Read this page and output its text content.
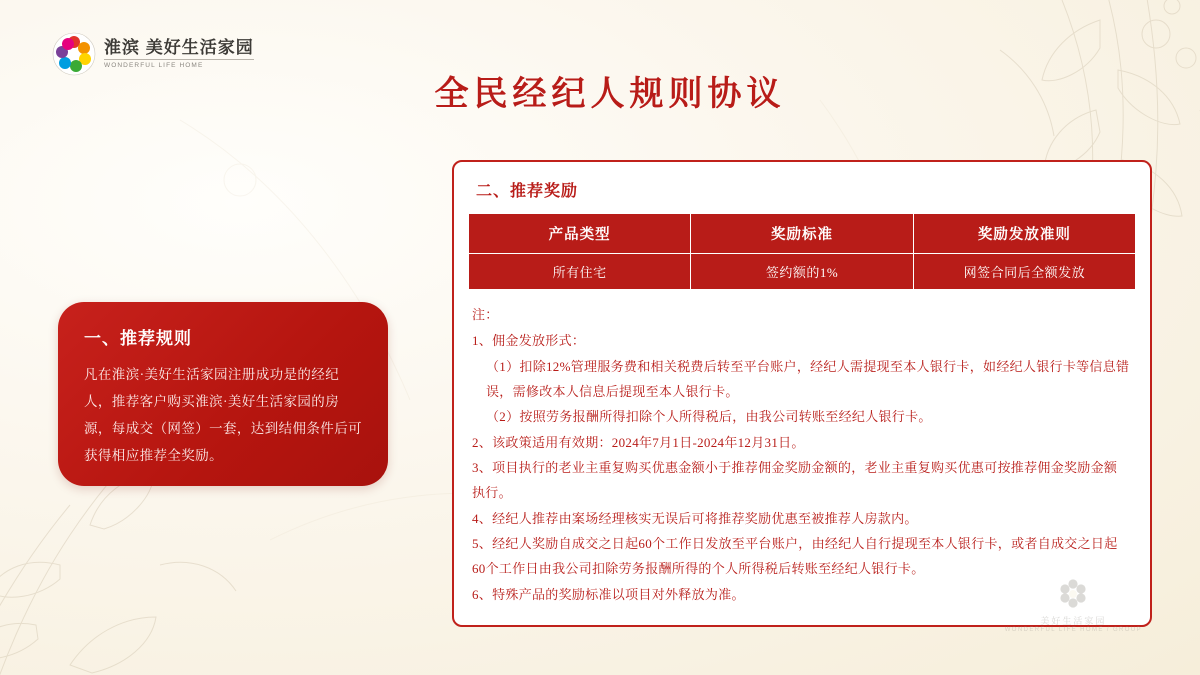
淮滨 美好生活家园
WONDERFUL LIFE HOME
全民经纪人规则协议
一、推荐规则
凡在淮滨·美好生活家园注册成功是的经纪人，推荐客户购买淮滨·美好生活家园的房源，每成交（网签）一套，达到结佣条件后可获得相应推荐全奖励。
二、推荐奖励
产品类型	奖励标准	奖励发放准则
所有住宅	签约额的1%	网签合同后全额发放
注：
1、佣金发放形式：
（1）扣除12%管理服务费和相关税费后转至平台账户，经纪人需提现至本人银行卡，如经纪人银行卡等信息错误，需修改本人信息后提现至本人银行卡。
（2）按照劳务报酬所得扣除个人所得税后，由我公司转账至经纪人银行卡。
2、该政策适用有效期：2024年7月1日-2024年12月31日。
3、项目执行的老业主重复购买优惠金额小于推荐佣金奖励金额的，老业主重复购买优惠可按推荐佣金奖励金额执行。
4、经纪人推荐由案场经理核实无误后可将推荐奖励优惠至被推荐人房款内。
5、经纪人奖励自成交之日起60个工作日发放至平台账户，由经纪人自行提现至本人银行卡，或者自成交之日起60个工作日由我公司扣除劳务报酬所得的个人所得税后转账至经纪人银行卡。
6、特殊产品的奖励标准以项目对外释放为准。
美好生活家园
WONDERFUL LIFE HOME / GROUP
